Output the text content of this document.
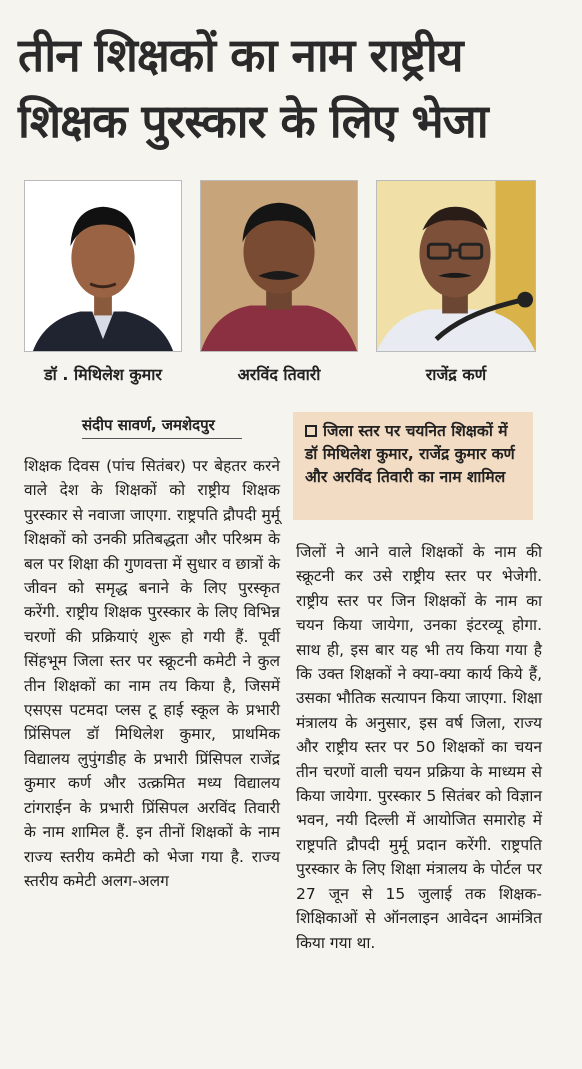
तीन शिक्षकों का नाम राष्ट्रीय शिक्षक पुरस्कार के लिए भेजा
डॉ . मिथिलेश कुमार	अरविंद तिवारी	राजेंद्र कर्ण
संदीप सावर्ण, जमशेदपुर

शिक्षक दिवस (पांच सितंबर) पर बेहतर करने वाले देश के शिक्षकों को राष्ट्रीय शिक्षक पुरस्कार से नवाजा जाएगा. राष्ट्रपति द्रौपदी मुर्मू शिक्षकों को उनकी प्रतिबद्धता और परिश्रम के बल पर शिक्षा की गुणवत्ता में सुधार व छात्रों के जीवन को समृद्ध बनाने के लिए पुरस्कृत करेंगी. राष्ट्रीय शिक्षक पुरस्कार के लिए विभिन्न चरणों की प्रक्रियाएं शुरू हो गयी हैं. पूर्वी सिंहभूम जिला स्तर पर स्क्रूटनी कमेटी ने कुल तीन शिक्षकों का नाम तय किया है, जिसमें एसएस पटमदा प्लस टू हाई स्कूल के प्रभारी प्रिंसिपल डॉ मिथिलेश कुमार, प्राथमिक विद्यालय लुपुंगडीह के प्रभारी प्रिंसिपल राजेंद्र कुमार कर्ण और उत्क्रमित मध्य विद्यालय टांगराईन के प्रभारी प्रिंसिपल अरविंद तिवारी के नाम शामिल हैं. इन तीनों शिक्षकों के नाम राज्य स्तरीय कमेटी को भेजा गया है. राज्य स्तरीय कमेटी अलग-अलग

जिला स्तर पर चयनित शिक्षकों में डॉ मिथिलेश कुमार, राजेंद्र कुमार कर्ण और अरविंद तिवारी का नाम शामिल

जिलों ने आने वाले शिक्षकों के नाम की स्क्रूटनी कर उसे राष्ट्रीय स्तर पर भेजेगी. राष्ट्रीय स्तर पर जिन शिक्षकों के नाम का चयन किया जायेगा, उनका इंटरव्यू होगा. साथ ही, इस बार यह भी तय किया गया है कि उक्त शिक्षकों ने क्या-क्या कार्य किये हैं, उसका भौतिक सत्यापन किया जाएगा. शिक्षा मंत्रालय के अनुसार, इस वर्ष जिला, राज्य और राष्ट्रीय स्तर पर 50 शिक्षकों का चयन तीन चरणों वाली चयन प्रक्रिया के माध्यम से किया जायेगा. पुरस्कार 5 सितंबर को विज्ञान भवन, नयी दिल्ली में आयोजित समारोह में राष्ट्रपति द्रौपदी मुर्मू प्रदान करेंगी. राष्ट्रपति पुरस्कार के लिए शिक्षा मंत्रालय के पोर्टल पर 27 जून से 15 जुलाई तक शिक्षक-शिक्षिकाओं से ऑनलाइन आवेदन आमंत्रित किया गया था.
